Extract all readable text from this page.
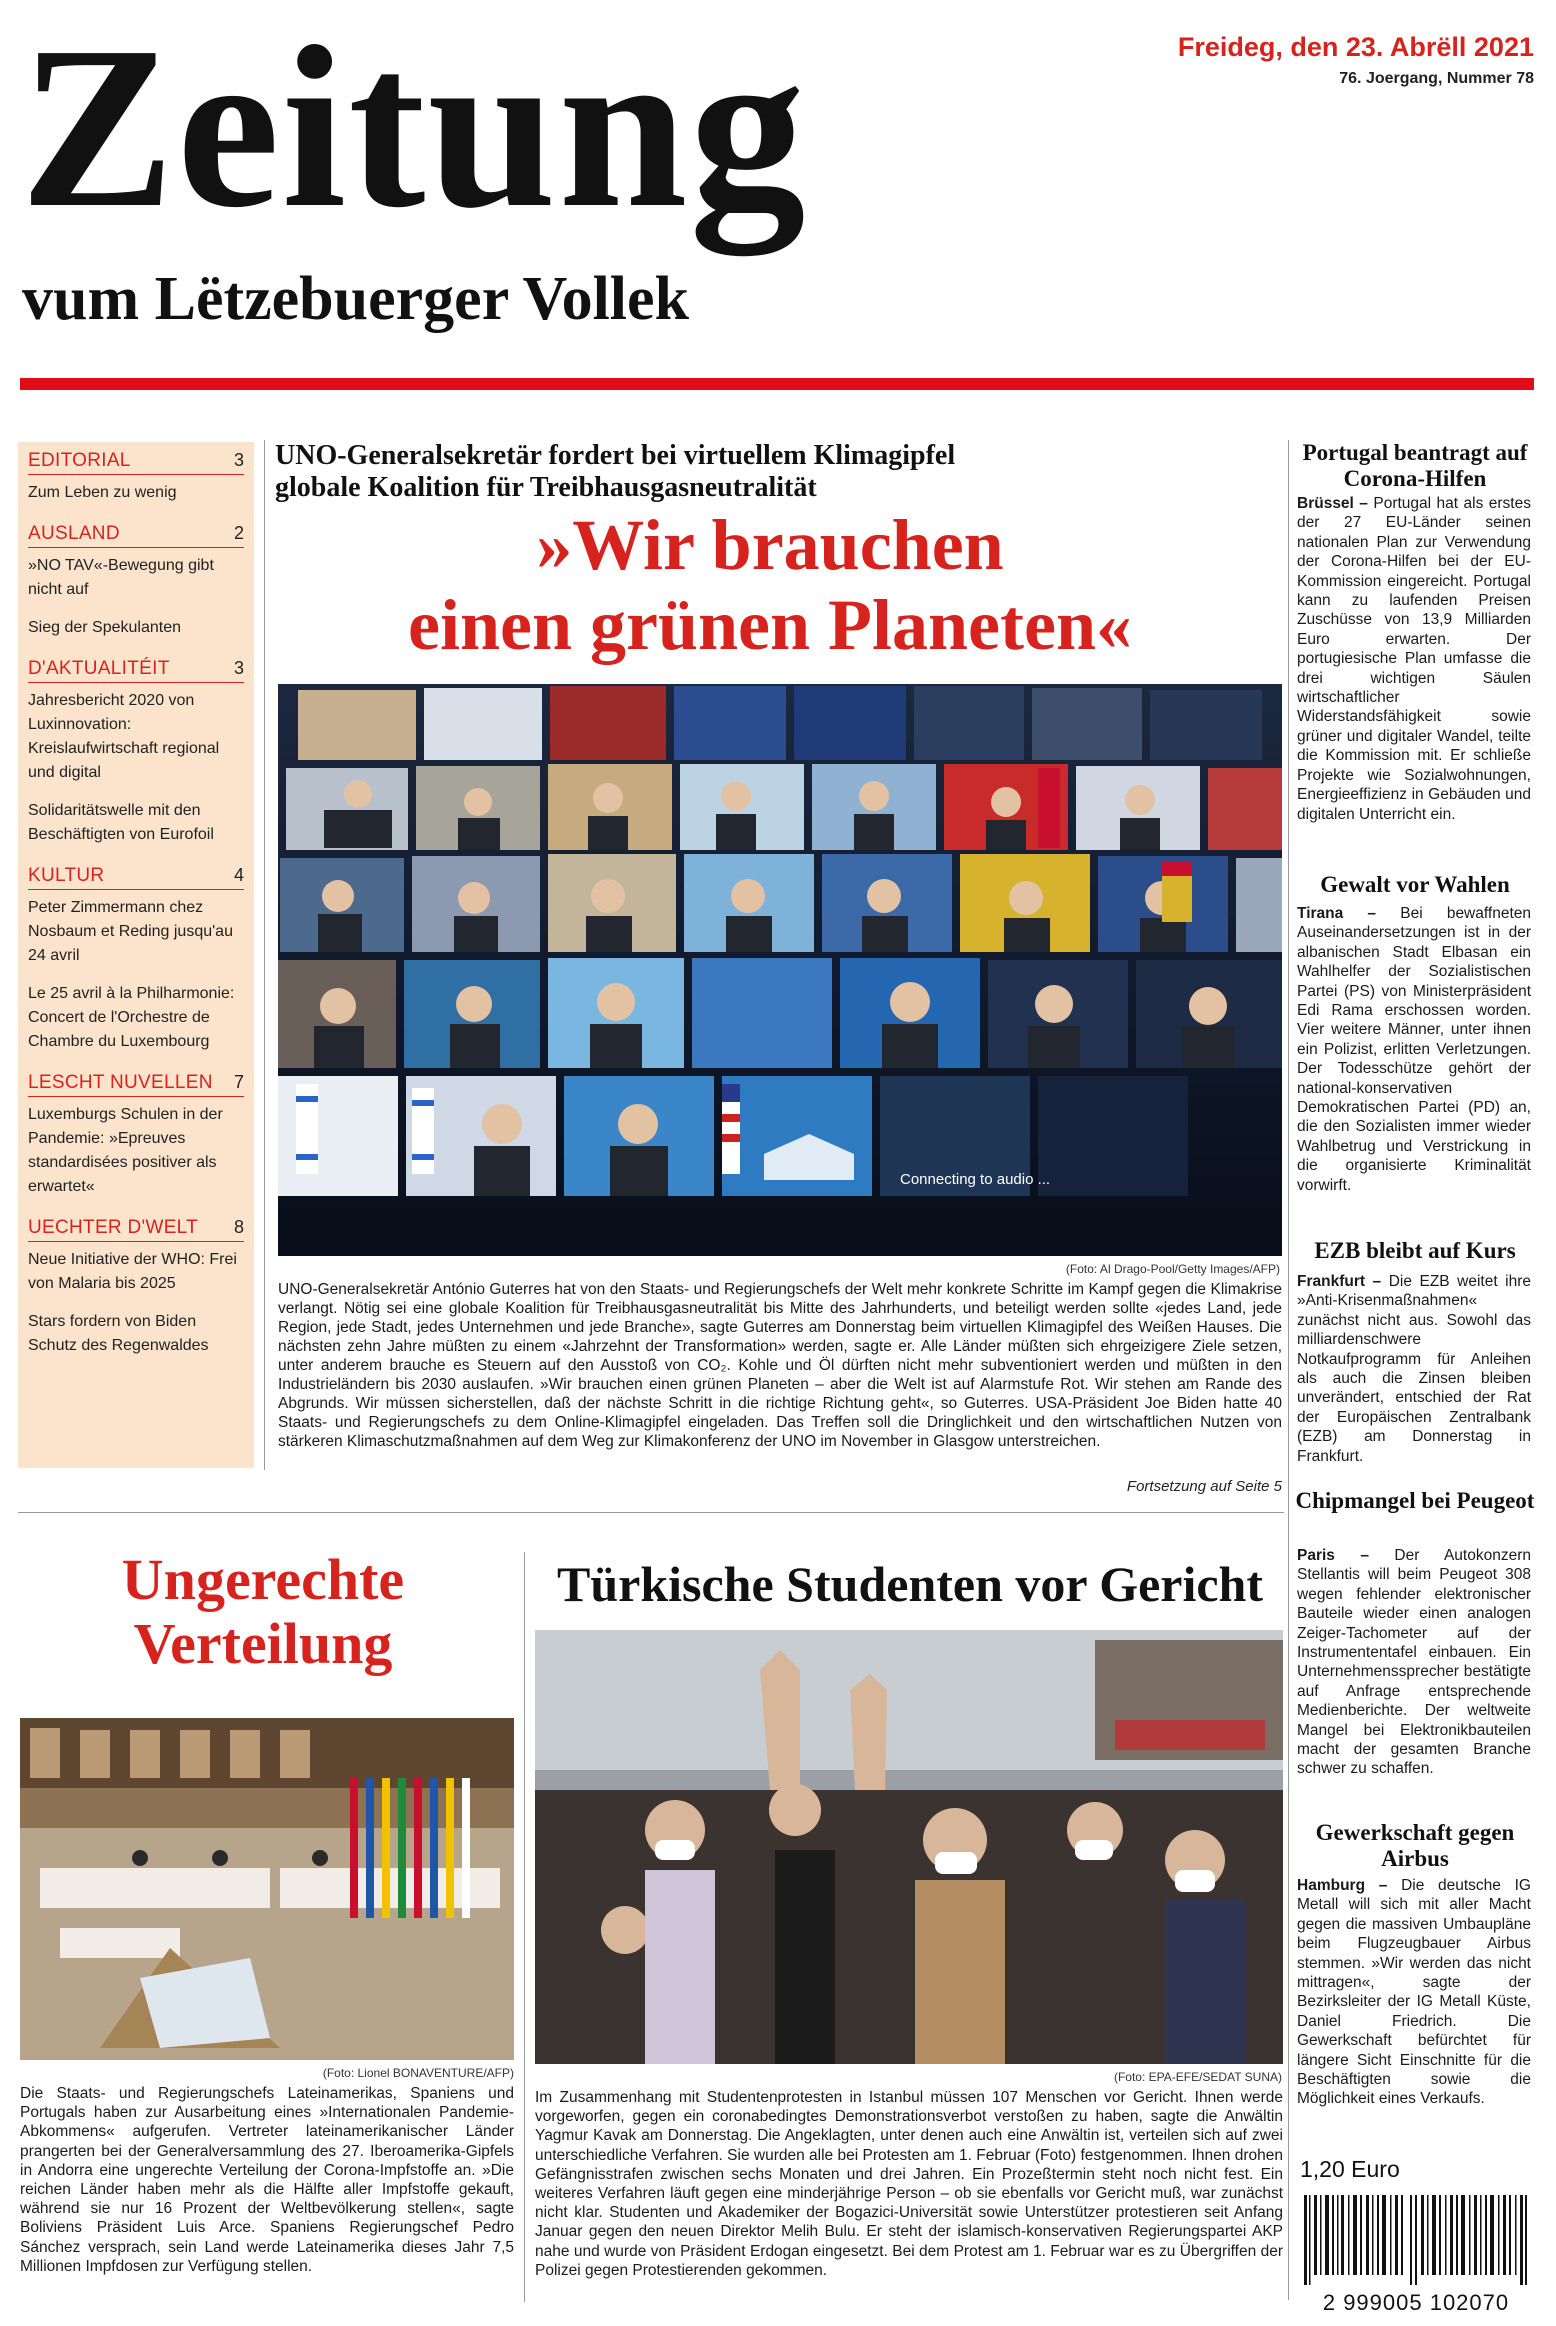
Zeitung
vum Lëtzebuerger Vollek
Freideg, den 23. Abrëll 2021
76. Joergang, Nummer 78
EDITORIAL	3

Zum Leben zu wenig

AUSLAND	2

»NO TAV«-Bewegung gibt nicht auf

Sieg der Spekulanten

D'AKTUALITÉIT	3

Jahresbericht 2020 von Luxinnovation: Kreislaufwirtschaft regional und digital

Solidaritätswelle mit den Beschäftigten von Eurofoil

KULTUR	4

Peter Zimmermann chez Nosbaum et Reding jusqu'au 24 avril

Le 25 avril à la Philharmonie: Concert de l'Orchestre de Chambre du Luxembourg

LESCHT NUVELLEN 7

Luxemburgs Schulen in der Pandemie: »Epreuves standardisées positiver als erwartet«

UECHTER D'WELT 8

Neue Initiative der WHO: Frei von Malaria bis 2025

Stars fordern von Biden Schutz des Regenwaldes

UNO-Generalsekretär fordert bei virtuellem Klimagipfel
globale Koalition für Treibhausgasneutralität
»Wir brauchen
einen grünen Planeten«
Connecting to audio ...
(Foto: Al Drago-Pool/Getty Images/AFP)
UNO-Generalsekretär António Guterres hat von den Staats- und Regierungschefs der Welt mehr konkrete Schritte im Kampf gegen die Klimakrise verlangt. Nötig sei eine globale Koalition für Treibhausgasneutralität bis Mitte des Jahrhunderts, und beteiligt werden sollte «jedes Land, jede Region, jede Stadt, jedes Unternehmen und jede Branche», sagte Guterres am Donnerstag beim virtuellen Klimagipfel des Weißen Hauses. Die nächsten zehn Jahre müßten zu einem «Jahrzehnt der Transformation» werden, sagte er. Alle Länder müßten sich ehrgeizigere Ziele setzen, unter anderem brauche es Steuern auf den Ausstoß von CO₂. Kohle und Öl dürften nicht mehr subventioniert werden und müßten in den Industrieländern bis 2030 auslaufen. »Wir brauchen einen grünen Planeten – aber die Welt ist auf Alarmstufe Rot. Wir stehen am Rande des Abgrunds. Wir müssen sicherstellen, daß der nächste Schritt in die richtige Richtung geht«, so Guterres. USA-Präsident Joe Biden hatte 40 Staats- und Regierungschefs zu dem Online-Klimagipfel eingeladen. Das Treffen soll die Dringlichkeit und den wirtschaftlichen Nutzen von stärkeren Klimaschutzmaßnahmen auf dem Weg zur Klimakonferenz der UNO im November in Glasgow unterstreichen.
Fortsetzung auf Seite 5
Portugal beantragt auf Corona-Hilfen
Brüssel – Portugal hat als erstes der 27 EU-Länder seinen nationalen Plan zur Verwendung der Corona-Hilfen bei der EU-Kommission eingereicht. Portugal kann zu laufenden Preisen Zuschüsse von 13,9 Milliarden Euro erwarten. Der portugiesische Plan umfasse die drei wichtigen Säulen wirtschaftlicher Widerstandsfähigkeit sowie grüner und digitaler Wandel, teilte die Kommission mit. Er schließe Projekte wie Sozialwohnungen, Energieeffizienz in Gebäuden und digitalen Unterricht ein.
Gewalt vor Wahlen
Tirana – Bei bewaffneten Auseinandersetzungen ist in der albanischen Stadt Elbasan ein Wahlhelfer der Sozialistischen Partei (PS) von Ministerpräsident Edi Rama erschossen worden. Vier weitere Männer, unter ihnen ein Polizist, erlitten Verletzungen. Der Todesschütze gehört der national-konservativen Demokratischen Partei (PD) an, die den Sozialisten immer wieder Wahlbetrug und Verstrickung in die organisierte Kriminalität vorwirft.
EZB bleibt auf Kurs
Frankfurt – Die EZB weitet ihre »Anti-Krisenmaßnahmen« zunächst nicht aus. Sowohl das milliardenschwere Notkaufprogramm für Anleihen als auch die Zinsen bleiben unverändert, entschied der Rat der Europäischen Zentralbank (EZB) am Donnerstag in Frankfurt.
Chipmangel bei Peugeot
Paris – Der Autokonzern Stellantis will beim Peugeot 308 wegen fehlender elektronischer Bauteile wieder einen analogen Zeiger-Tachometer auf der Instrumententafel einbauen. Ein Unternehmenssprecher bestätigte auf Anfrage entsprechende Medienberichte. Der weltweite Mangel bei Elektronikbauteilen macht der gesamten Branche schwer zu schaffen.
Gewerkschaft gegen Airbus
Hamburg – Die deutsche IG Metall will sich mit aller Macht gegen die massiven Umbaupläne beim Flugzeugbauer Airbus stemmen. »Wir werden das nicht mittragen«, sagte der Bezirksleiter der IG Metall Küste, Daniel Friedrich. Die Gewerkschaft befürchtet für längere Sicht Einschnitte für die Beschäftigten sowie die Möglichkeit eines Verkaufs.
1,20 Euro
2 999005 102070
Ungerechte
Verteilung
(Foto: Lionel BONAVENTURE/AFP)
Die Staats- und Regierungschefs Lateinamerikas, Spaniens und Portugals haben zur Ausarbeitung eines »Internationalen Pandemie-Abkommens« aufgerufen. Vertreter lateinamerikanischer Länder prangerten bei der Generalversammlung des 27. Iberoamerika-Gipfels in Andorra eine ungerechte Verteilung der Corona-Impfstoffe an. »Die reichen Länder haben mehr als die Hälfte aller Impfstoffe gekauft, während sie nur 16 Prozent der Weltbevölkerung stellen«, sagte Boliviens Präsident Luis Arce. Spaniens Regierungschef Pedro Sánchez versprach, sein Land werde Lateinamerika dieses Jahr 7,5 Millionen Impfdosen zur Verfügung stellen.
Türkische Studenten vor Gericht
(Foto: EPA-EFE/SEDAT SUNA)
Im Zusammenhang mit Studentenprotesten in Istanbul müssen 107 Menschen vor Gericht. Ihnen werde vorgeworfen, gegen ein coronabedingtes Demonstrationsverbot verstoßen zu haben, sagte die Anwältin Yagmur Kavak am Donnerstag. Die Angeklagten, unter denen auch eine Anwältin ist, verteilen sich auf zwei unterschiedliche Verfahren. Sie wurden alle bei Protesten am 1. Februar (Foto) festgenommen. Ihnen drohen Gefängnisstrafen zwischen sechs Monaten und drei Jahren. Ein Prozeßtermin steht noch nicht fest. Ein weiteres Verfahren läuft gegen eine minderjährige Person – ob sie ebenfalls vor Gericht muß, war zunächst nicht klar. Studenten und Akademiker der Bogazici-Universität sowie Unterstützer protestieren seit Anfang Januar gegen den neuen Direktor Melih Bulu. Er steht der islamisch-konservativen Regierungspartei AKP nahe und wurde von Präsident Erdogan eingesetzt. Bei dem Protest am 1. Februar war es zu Übergriffen der Polizei gegen Protestierenden gekommen.
